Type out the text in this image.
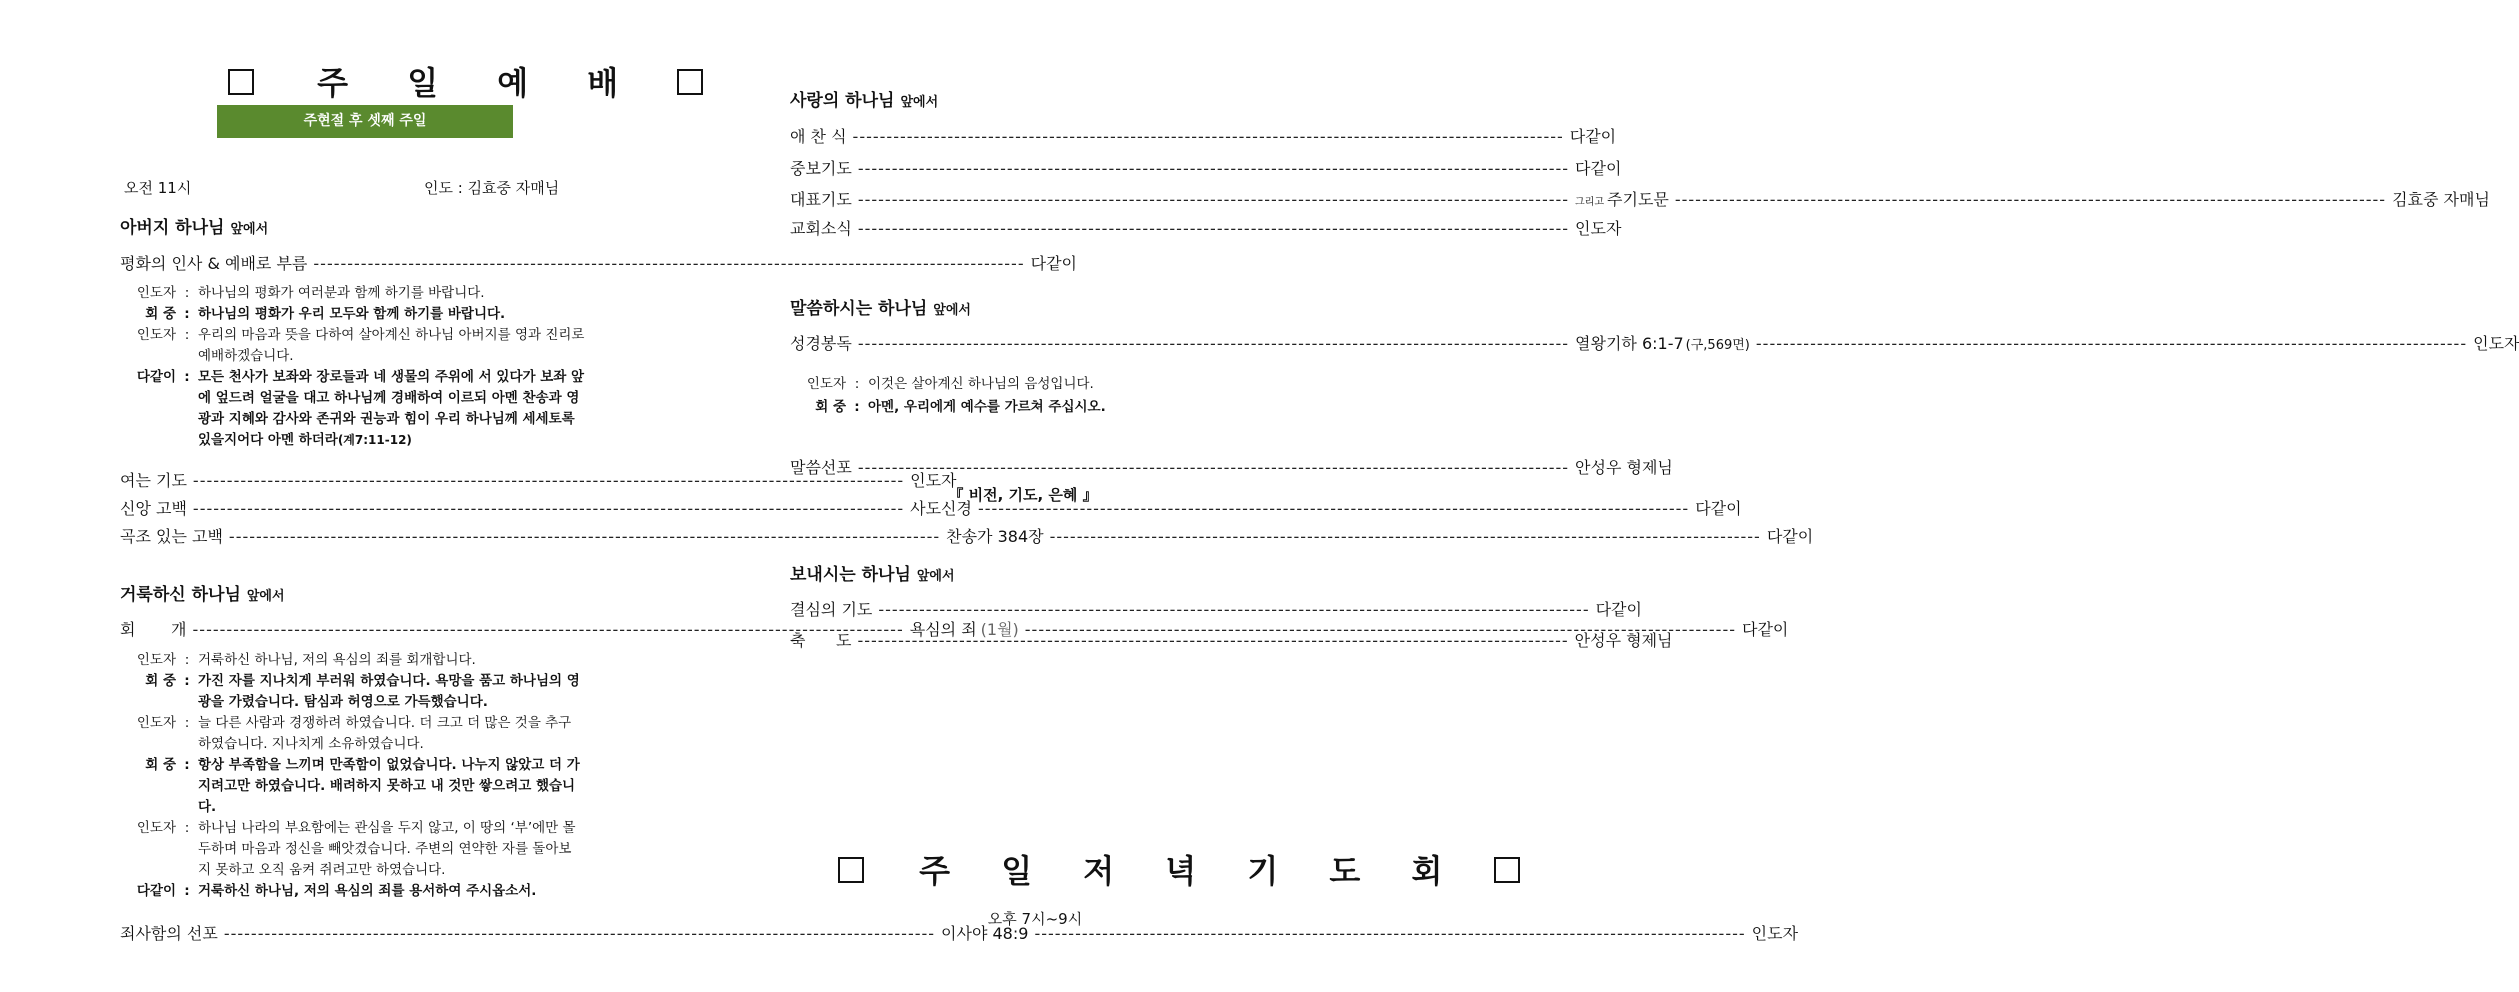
주 일 예 배
주현절 후 셋째 주일
오전 11시	인도 : 김효중 자매님
아버지 하나님 앞에서
평화의 인사 & 예배로 부름 -----	다같이
인도자 : 하나님의 평화가 여러분과 함께 하기를 바랍니다.
회 중 : 하나님의 평화가 우리 모두와 함께 하기를 바랍니다.
인도자 : 우리의 마음과 뜻을 다하여 살아계신 하나님 아버지를 영과 진리로 예배하겠습니다.
다같이 : 모든 천사가 보좌와 장로들과 네 생물의 주위에 서 있다가 보좌 앞에 엎드려 얼굴을 대고 하나님께 경배하여 이르되 아멘 찬송과 영광과 지혜와 감사와 존귀와 권능과 힘이 우리 하나님께 세세토록 있을지어다 아멘 하더라(계7:11-12)
여는 기도 -----	인도자
신앙 고백 -----	사도신경 -----	다같이
곡조 있는 고백 -----	찬송가 384장 -----	다같이
거룩하신 하나님 앞에서
회       개 -----	욕심의 죄 (1월) -----	다같이
인도자 : 거룩하신 하나님, 저의 욕심의 죄를 회개합니다.
회 중 : 가진 자를 지나치게 부러워 하였습니다. 욕망을 품고 하나님의 영광을 가렸습니다. 탐심과 허영으로 가득했습니다.
인도자 : 늘 다른 사람과 경쟁하려 하였습니다. 더 크고 더 많은 것을 추구하였습니다. 지나치게 소유하였습니다.
회 중 : 항상 부족함을 느끼며 만족함이 없었습니다. 나누지 않았고 더 가지려고만 하였습니다. 배려하지 못하고 내 것만 쌓으려고 했습니다.
인도자 : 하나님 나라의 부요함에는 관심을 두지 않고, 이 땅의 ‘부’에만 몰두하며 마음과 정신을 빼앗겼습니다. 주변의 연약한 자를 돌아보지 못하고 오직 움켜 쥐려고만 하였습니다.
다같이 : 거룩하신 하나님, 저의 욕심의 죄를 용서하여 주시옵소서.
죄사함의 선포 -----	이사야 48:9 -----	인도자
사랑의 하나님 앞에서
애 찬 식 -----	다같이
중보기도 -----	다같이
대표기도 -----	그리고 주기도문 -----	김효중 자매님
교회소식 -----	인도자
말씀하시는 하나님 앞에서
성경봉독 -----	열왕기하 6:1-7 (구,569면) -----	인도자
인도자 : 이것은 살아계신 하나님의 음성입니다.
회 중 : 아멘, 우리에게 예수를 가르쳐 주십시오.
말씀선포 -----	안성우 형제님
『 비전, 기도, 은혜 』
보내시는 하나님 앞에서
결심의 기도 -----	다같이
축      도 -----	안성우 형제님
주 일 저 녁 기 도 회
오후 7시~9시
